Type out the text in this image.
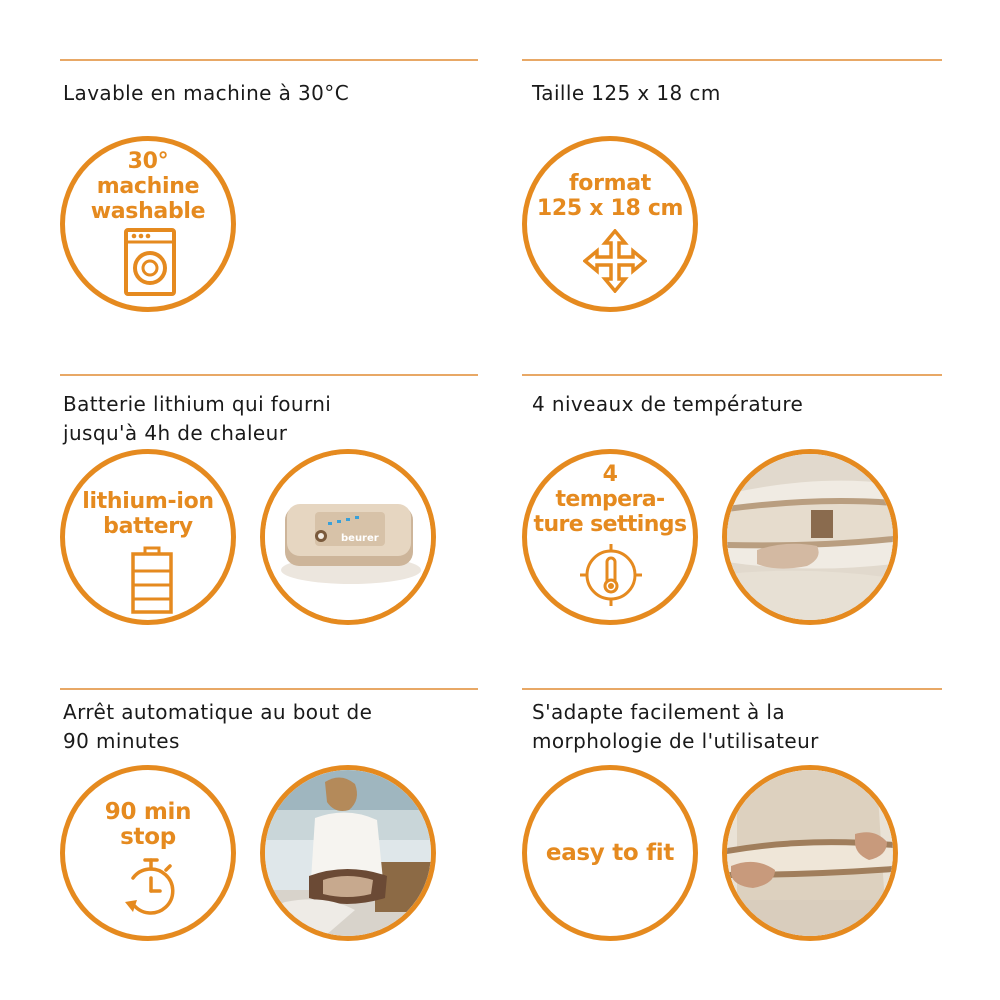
Lavable en machine à 30°C	Taille 125 x 18 cm
30°
machine
washable
format
125 x 18 cm
Batterie lithium qui fourni
jusqu'à 4h de chaleur
4 niveaux de température
lithium-ion
battery	beurer
4
tempera-
ture settings
Arrêt automatique au bout de
90 minutes
S'adapte facilement à la
morphologie de l'utilisateur
90 min
stop
easy to fit
